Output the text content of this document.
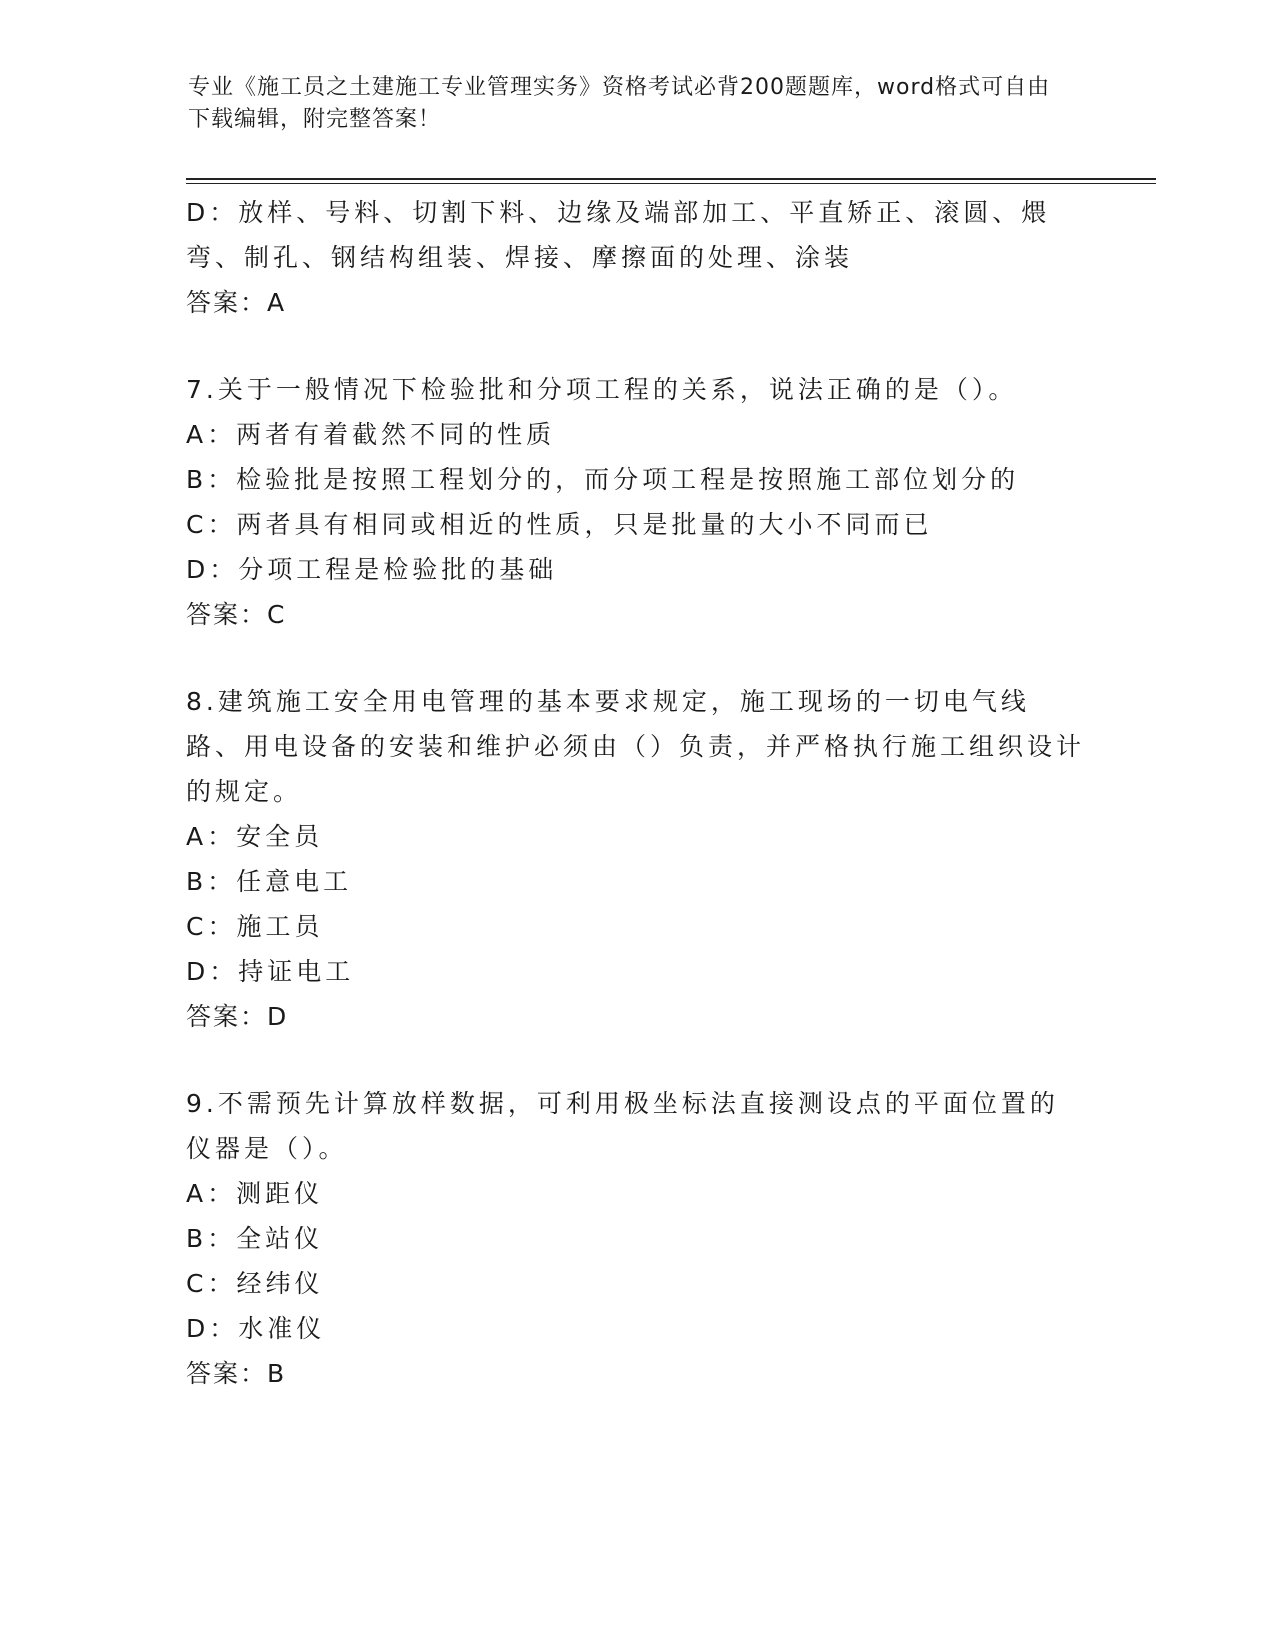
专业《施工员之土建施工专业管理实务》资格考试必背200题题库，word格式可自由下载编辑，附完整答案！

D：放样、号料、切割下料、边缘及端部加工、平直矫正、滚圆、煨弯、制孔、钢结构组装、焊接、摩擦面的处理、涂装

答案：A

7.关于一般情况下检验批和分项工程的关系，说法正确的是（）。

A：两者有着截然不同的性质

B：检验批是按照工程划分的，而分项工程是按照施工部位划分的

C：两者具有相同或相近的性质，只是批量的大小不同而已

D：分项工程是检验批的基础

答案：C

8.建筑施工安全用电管理的基本要求规定，施工现场的一切电气线路、用电设备的安装和维护必须由（）负责，并严格执行施工组织设计的规定。

A：安全员

B：任意电工

C：施工员

D：持证电工

答案：D

9.不需预先计算放样数据，可利用极坐标法直接测设点的平面位置的仪器是（）。

A：测距仪

B：全站仪

C：经纬仪

D：水准仪

答案：B
